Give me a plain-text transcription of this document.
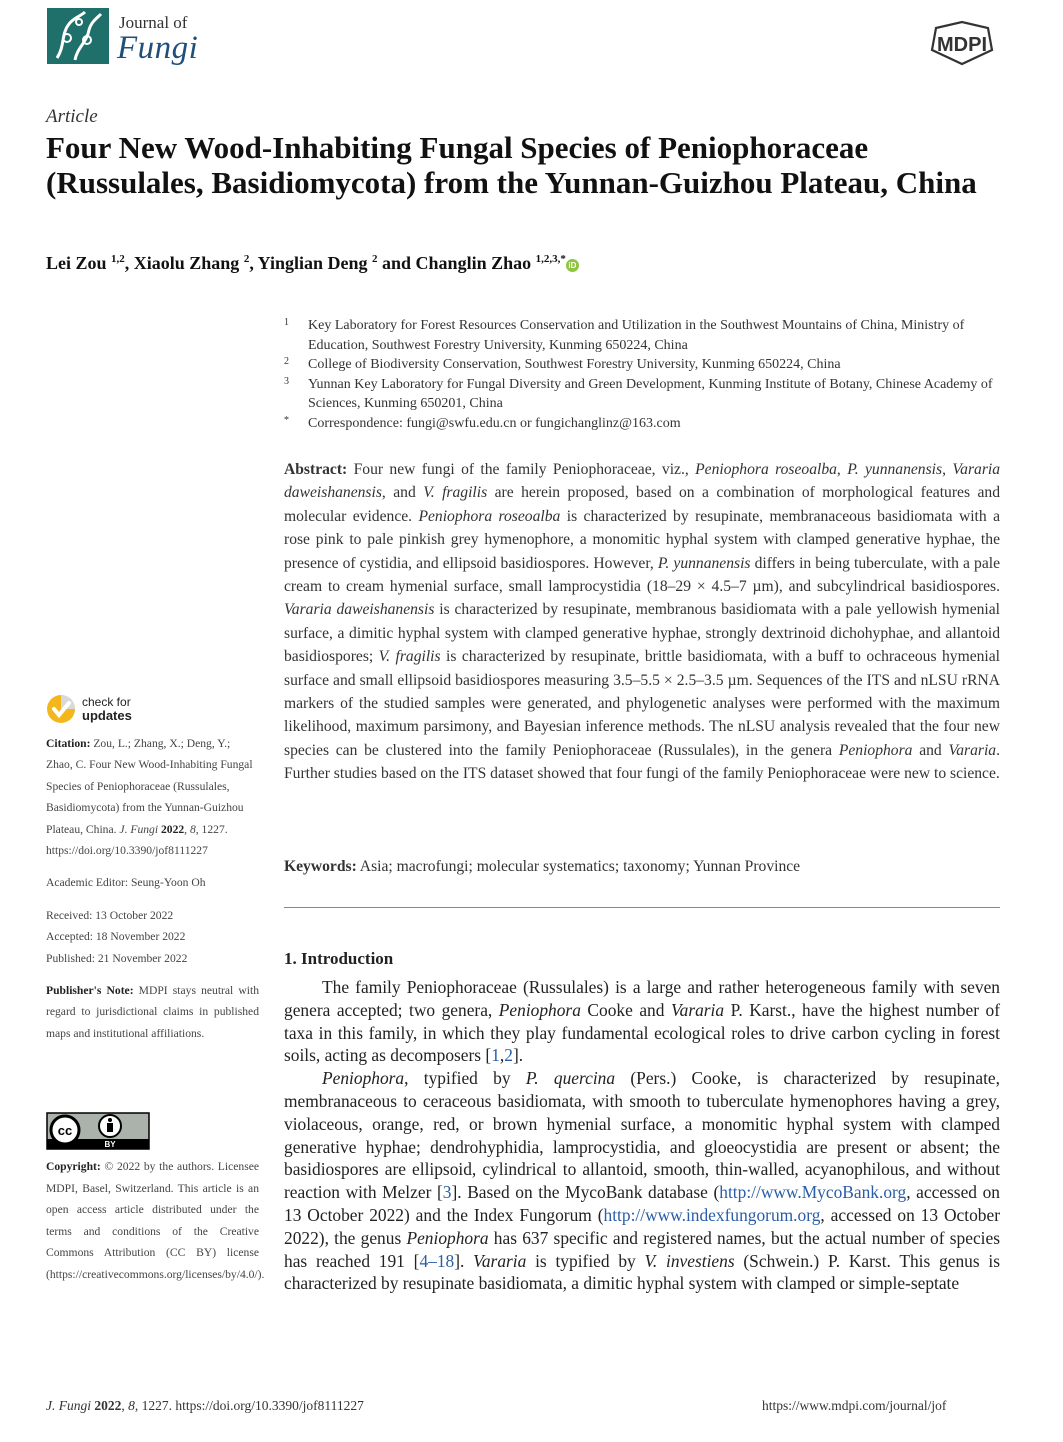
Journal of
Fungi	MDPI
Article
Four New Wood-Inhabiting Fungal Species of Peniophoraceae (Russulales, Basidiomycota) from the Yunnan-Guizhou Plateau, China
Lei Zou $^{1,2}$, Xiaolu Zhang $^2$, Yinglian Deng $^2$ and Changlin Zhao $^{1,2,3,*}$iD
1	Key Laboratory for Forest Resources Conservation and Utilization in the Southwest Mountains of China, Ministry of Education, Southwest Forestry University, Kunming 650224, China
2	College of Biodiversity Conservation, Southwest Forestry University, Kunming 650224, China
3	Yunnan Key Laboratory for Fungal Diversity and Green Development, Kunming Institute of Botany, Chinese Academy of Sciences, Kunming 650201, China
*	Correspondence: fungi@swfu.edu.cn or fungichanglinz@163.com
Abstract: Four new fungi of the family Peniophoraceae, viz., Peniophora roseoalba, P. yunnanensis, Vararia daweishanensis, and V. fragilis are herein proposed, based on a combination of morphological features and molecular evidence. Peniophora roseoalba is characterized by resupinate, membranaceous basidiomata with a rose pink to pale pinkish grey hymenophore, a monomitic hyphal system with clamped generative hyphae, the presence of cystidia, and ellipsoid basidiospores. However, P. yunnanensis differs in being tuberculate, with a pale cream to cream hymenial surface, small lamprocystidia (18–29 × 4.5–7 µm), and subcylindrical basidiospores. Vararia daweishanensis is characterized by resupinate, membranous basidiomata with a pale yellowish hymenial surface, a dimitic hyphal system with clamped generative hyphae, strongly dextrinoid dichohyphae, and allantoid basidiospores; V. fragilis is characterized by resupinate, brittle basidiomata, with a buff to ochraceous hymenial surface and small ellipsoid basidiospores measuring 3.5–5.5 × 2.5–3.5 µm. Sequences of the ITS and nLSU rRNA markers of the studied samples were generated, and phylogenetic analyses were performed with the maximum likelihood, maximum parsimony, and Bayesian inference methods. The nLSU analysis revealed that the four new species can be clustered into the family Peniophoraceae (Russulales), in the genera Peniophora and Vararia. Further studies based on the ITS dataset showed that four fungi of the family Peniophoraceae were new to science.
Keywords: Asia; macrofungi; molecular systematics; taxonomy; Yunnan Province
1. Introduction

The family Peniophoraceae (Russulales) is a large and rather heterogeneous family with seven genera accepted; two genera, Peniophora Cooke and Vararia P. Karst., have the highest number of taxa in this family, in which they play fundamental ecological roles to drive carbon cycling in forest soils, acting as decomposers [1,2].

Peniophora, typified by P. quercina (Pers.) Cooke, is characterized by resupinate, membranaceous to ceraceous basidiomata, with smooth to tuberculate hymenophores having a grey, violaceous, orange, red, or brown hymenial surface, a monomitic hyphal system with clamped generative hyphae; dendrohyphidia, lamprocystidia, and gloeocystidia are present or absent; the basidiospores are ellipsoid, cylindrical to allantoid, smooth, thin-walled, acyanophilous, and without reaction with Melzer [3]. Based on the MycoBank database (http://www.MycoBank.org, accessed on 13 October 2022) and the Index Fungorum (http://www.indexfungorum.org, accessed on 13 October 2022), the genus Peniophora has 637 specific and registered names, but the actual number of species has reached 191 [4–18]. Vararia is typified by V. investiens (Schwein.) P. Karst. This genus is characterized by resupinate basidiomata, a dimitic hyphal system with clamped or simple-septate

check for
updates
Citation: Zou, L.; Zhang, X.; Deng, Y.; Zhao, C. Four New Wood-Inhabiting Fungal Species of Peniophoraceae (Russulales, Basidiomycota) from the Yunnan-Guizhou Plateau, China. J. Fungi 2022, 8, 1227. https://doi.org/10.3390/jof8111227
Academic Editor: Seung-Yoon Oh
Received: 13 October 2022
Accepted: 18 November 2022
Published: 21 November 2022
Publisher's Note: MDPI stays neutral with regard to jurisdictional claims in published maps and institutional affiliations.
cc
BY
Copyright: © 2022 by the authors. Licensee MDPI, Basel, Switzerland. This article is an open access article distributed under the terms and conditions of the Creative Commons Attribution (CC BY) license (https://creativecommons.org/licenses/by/4.0/).
J. Fungi 2022, 8, 1227. https://doi.org/10.3390/jof8111227	https://www.mdpi.com/journal/jof
